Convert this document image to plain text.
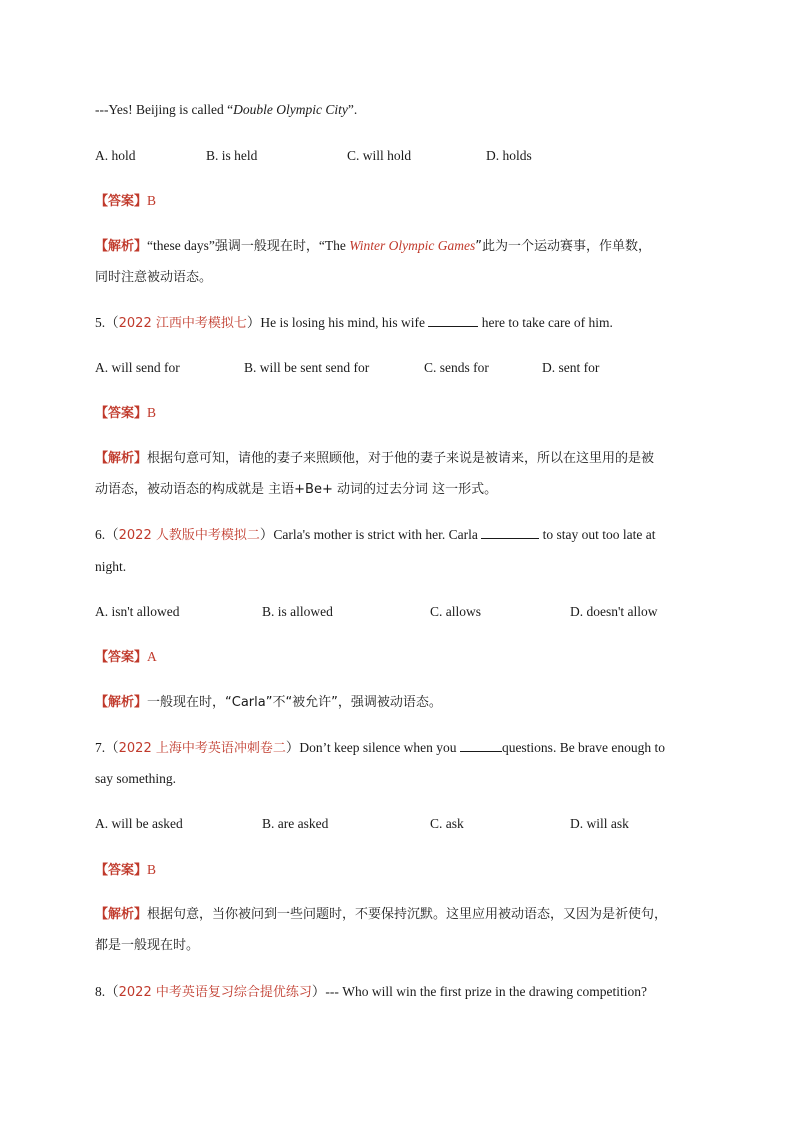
---Yes! Beijing is called “Double Olympic City”.
A. hold	B. is held	C. will hold	D. holds
【答案】B
【解析】“these days”强调一般现在时，“The Winter Olympic Games”此为一个运动赛事，作单数，
同时注意被动语态。
5.（2022 江西中考模拟七）He is losing his mind, his wife	here to take care of him.
A. will send for	B. will be sent send for	C. sends for	D. sent for
【答案】B
【解析】根据句意可知，请他的妻子来照顾他，对于他的妻子来说是被请来，所以在这里用的是被
动语态，被动语态的构成就是 主语+Be+ 动词的过去分词 这一形式。
6.（2022 人教版中考模拟二）Carla's mother is strict with her. Carla	to stay out too late at
night.
A. isn't allowed	B. is allowed	C. allows	D. doesn't allow
【答案】A
【解析】一般现在时，“Carla”不“被允许”，强调被动语态。
7.（2022 上海中考英语冲刺卷二）Don’t keep silence when you	questions. Be brave enough to
say something.
A. will be asked	B. are asked	C. ask	D. will ask
【答案】B
【解析】根据句意，当你被问到一些问题时，不要保持沉默。这里应用被动语态，又因为是祈使句，
都是一般现在时。
8.（2022 中考英语复习综合提优练习）--- Who will win the first prize in the drawing competition?
